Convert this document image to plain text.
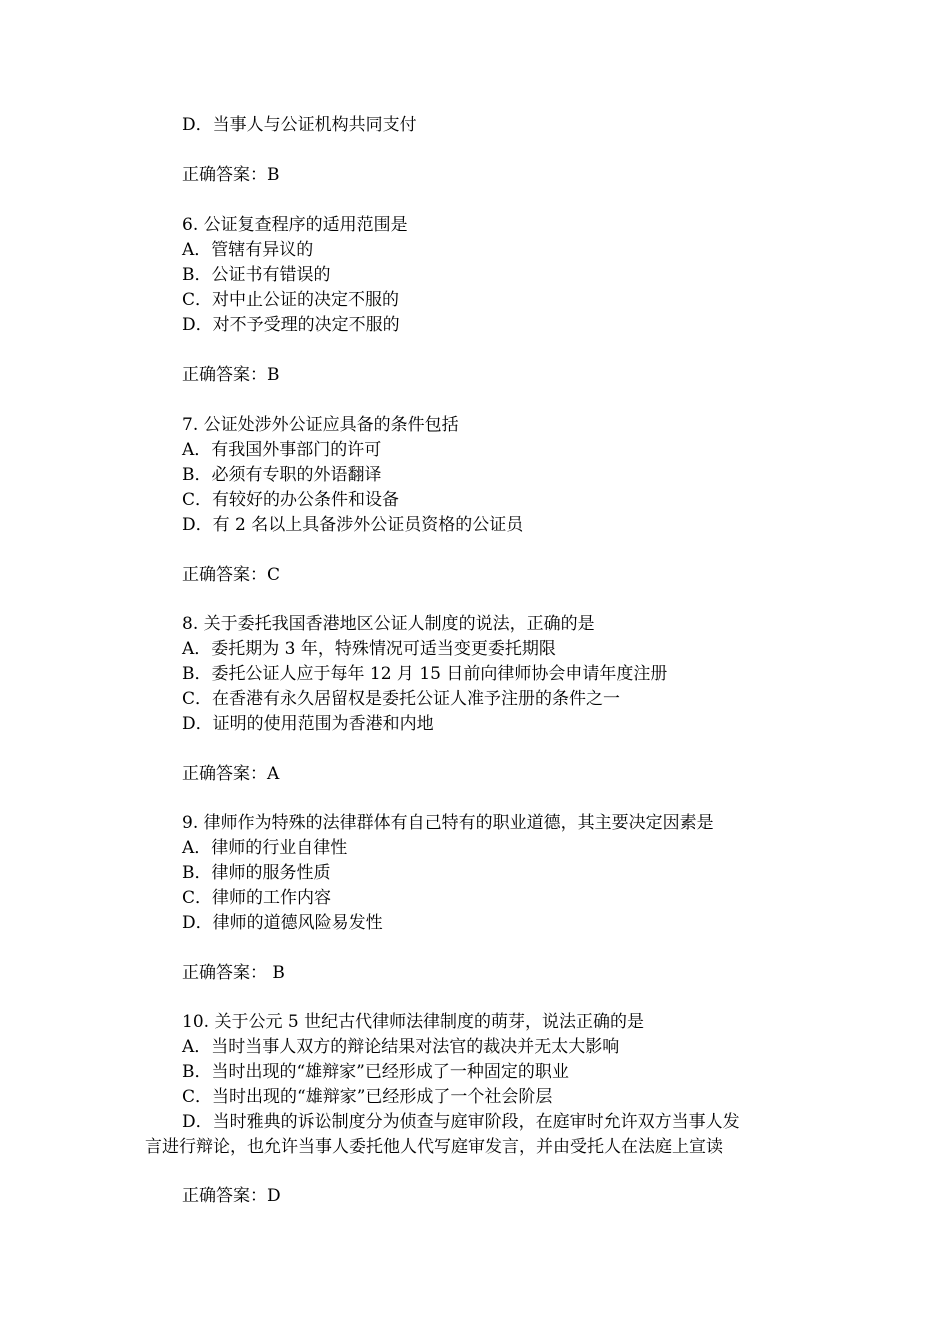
D．当事人与公证机构共同支付
正确答案：B
6. 公证复查程序的适用范围是
A．管辖有异议的
B．公证书有错误的
C．对中止公证的决定不服的
D．对不予受理的决定不服的
正确答案：B
7. 公证处涉外公证应具备的条件包括
A．有我国外事部门的许可
B．必须有专职的外语翻译
C．有较好的办公条件和设备
D．有 2 名以上具备涉外公证员资格的公证员
正确答案：C
8. 关于委托我国香港地区公证人制度的说法，正确的是
A．委托期为 3 年，特殊情况可适当变更委托期限
B．委托公证人应于每年 12 月 15 日前向律师协会申请年度注册
C．在香港有永久居留权是委托公证人准予注册的条件之一
D．证明的使用范围为香港和内地
正确答案：A
9. 律师作为特殊的法律群体有自己特有的职业道德，其主要决定因素是
A．律师的行业自律性
B．律师的服务性质
C．律师的工作内容
D．律师的道德风险易发性
正确答案： B
10. 关于公元 5 世纪古代律师法律制度的萌芽，说法正确的是
A．当时当事人双方的辩论结果对法官的裁决并无太大影响
B．当时出现的“雄辩家”已经形成了一种固定的职业
C．当时出现的“雄辩家”已经形成了一个社会阶层
D．当时雅典的诉讼制度分为侦查与庭审阶段，在庭审时允许双方当事人发
言进行辩论，也允许当事人委托他人代写庭审发言，并由受托人在法庭上宣读
正确答案：D
